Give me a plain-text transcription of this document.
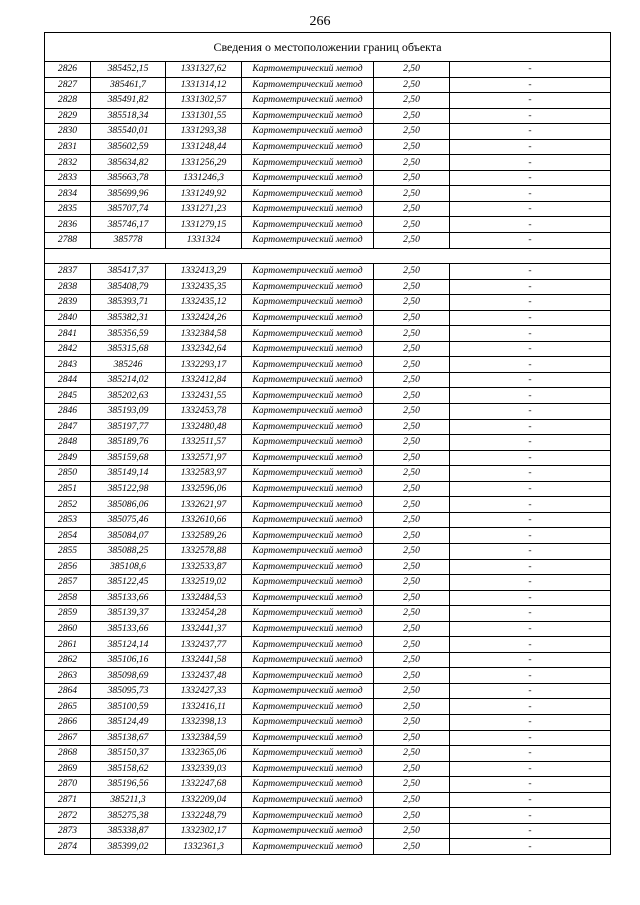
266
Сведения о местоположении границ объекта					
2826	385452,15	1331327,62	Картометрический метод	2,50	-
2827	385461,7	1331314,12	Картометрический метод	2,50	-
2828	385491,82	1331302,57	Картометрический метод	2,50	-
2829	385518,34	1331301,55	Картометрический метод	2,50	-
2830	385540,01	1331293,38	Картометрический метод	2,50	-
2831	385602,59	1331248,44	Картометрический метод	2,50	-
2832	385634,82	1331256,29	Картометрический метод	2,50	-
2833	385663,78	1331246,3	Картометрический метод	2,50	-
2834	385699,96	1331249,92	Картометрический метод	2,50	-
2835	385707,74	1331271,23	Картометрический метод	2,50	-
2836	385746,17	1331279,15	Картометрический метод	2,50	-
2788	385778	1331324	Картометрический метод	2,50	-

2837	385417,37	1332413,29	Картометрический метод	2,50	-
2838	385408,79	1332435,35	Картометрический метод	2,50	-
2839	385393,71	1332435,12	Картометрический метод	2,50	-
2840	385382,31	1332424,26	Картометрический метод	2,50	-
2841	385356,59	1332384,58	Картометрический метод	2,50	-
2842	385315,68	1332342,64	Картометрический метод	2,50	-
2843	385246	1332293,17	Картометрический метод	2,50	-
2844	385214,02	1332412,84	Картометрический метод	2,50	-
2845	385202,63	1332431,55	Картометрический метод	2,50	-
2846	385193,09	1332453,78	Картометрический метод	2,50	-
2847	385197,77	1332480,48	Картометрический метод	2,50	-
2848	385189,76	1332511,57	Картометрический метод	2,50	-
2849	385159,68	1332571,97	Картометрический метод	2,50	-
2850	385149,14	1332583,97	Картометрический метод	2,50	-
2851	385122,98	1332596,06	Картометрический метод	2,50	-
2852	385086,06	1332621,97	Картометрический метод	2,50	-
2853	385075,46	1332610,66	Картометрический метод	2,50	-
2854	385084,07	1332589,26	Картометрический метод	2,50	-
2855	385088,25	1332578,88	Картометрический метод	2,50	-
2856	385108,6	1332533,87	Картометрический метод	2,50	-
2857	385122,45	1332519,02	Картометрический метод	2,50	-
2858	385133,66	1332484,53	Картометрический метод	2,50	-
2859	385139,37	1332454,28	Картометрический метод	2,50	-
2860	385133,66	1332441,37	Картометрический метод	2,50	-
2861	385124,14	1332437,77	Картометрический метод	2,50	-
2862	385106,16	1332441,58	Картометрический метод	2,50	-
2863	385098,69	1332437,48	Картометрический метод	2,50	-
2864	385095,73	1332427,33	Картометрический метод	2,50	-
2865	385100,59	1332416,11	Картометрический метод	2,50	-
2866	385124,49	1332398,13	Картометрический метод	2,50	-
2867	385138,67	1332384,59	Картометрический метод	2,50	-
2868	385150,37	1332365,06	Картометрический метод	2,50	-
2869	385158,62	1332339,03	Картометрический метод	2,50	-
2870	385196,56	1332247,68	Картометрический метод	2,50	-
2871	385211,3	1332209,04	Картометрический метод	2,50	-
2872	385275,38	1332248,79	Картометрический метод	2,50	-
2873	385338,87	1332302,17	Картометрический метод	2,50	-
2874	385399,02	1332361,3	Картометрический метод	2,50	-
